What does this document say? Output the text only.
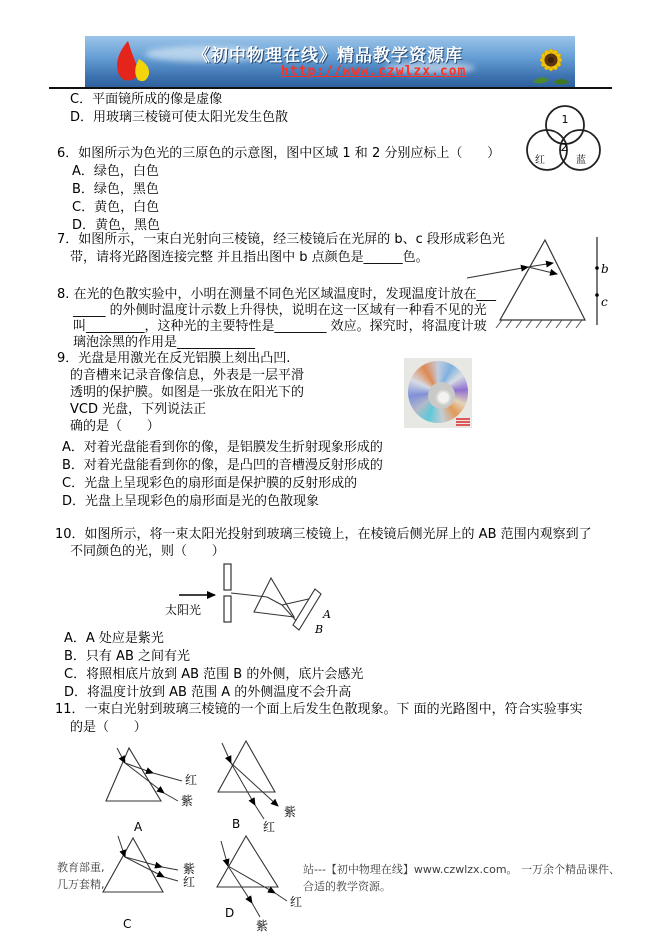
《初中物理在线》精品教学资源库
http://www.czwlzx.com
C．平面镜所成的像是虚像
D．用玻璃三棱镜可使太阳光发生色散
6．如图所示为色光的三原色的示意图，图中区域 1 和 2 分别应标上（      ）
A．绿色，白色
B．绿色，黑色
C．黄色，白色
D．黄色，黑色
1
2
红	蓝
7．如图所示，一束白光射向三棱镜，经三棱镜后在光屏的 b、c 段形成彩色光
带，请将光路图连接完整 并且指出图中 b 点颜色是______色。
b
c
8. 在光的色散实验中，小明在测量不同色光区域温度时，发现温度计放在___
_____ 的外侧时温度计示数上升得快，说明在这一区域有一种看不见的光
叫_________，这种光的主要特性是________ 效应。探究时，将温度计玻
璃泡涂黑的作用是____________
9．光盘是用激光在反光铝膜上刻出凸凹.
的音槽来记录音像信息，外表是一层平滑
透明的保护膜。如图是一张放在阳光下的
VCD 光盘，下列说法正
确的是（      ）
A．对着光盘能看到你的像，是铝膜发生折射现象形成的
B．对着光盘能看到你的像，是凸凹的音槽漫反射形成的
C．光盘上呈现彩色的扇形面是保护膜的反射形成的
D．光盘上呈现彩色的扇形面是光的色散现象
10．如图所示，将一束太阳光投射到玻璃三棱镜上，在棱镜后侧光屏上的 AB 范围内观察到了
不同颜色的光，则（      ）
太阳光	A
B
A．A 处应是紫光
B．只有 AB 之间有光
C．将照相底片放到 AB 范围 B 的外侧，底片会感光
D．将温度计放到 AB 范围 A 的外侧温度不会升高
11．一束白光射到玻璃三棱镜的一个面上后发生色散现象。下 面的光路图中，符合实验事实
的是（      ）
红
紫
A
紫
红
B
紫
红
C
红
紫
D
教育部重,
几万套精,
站---【初中物理在线】www.czwlzx.com。 一万余个精品课件、
合适的教学资源。
